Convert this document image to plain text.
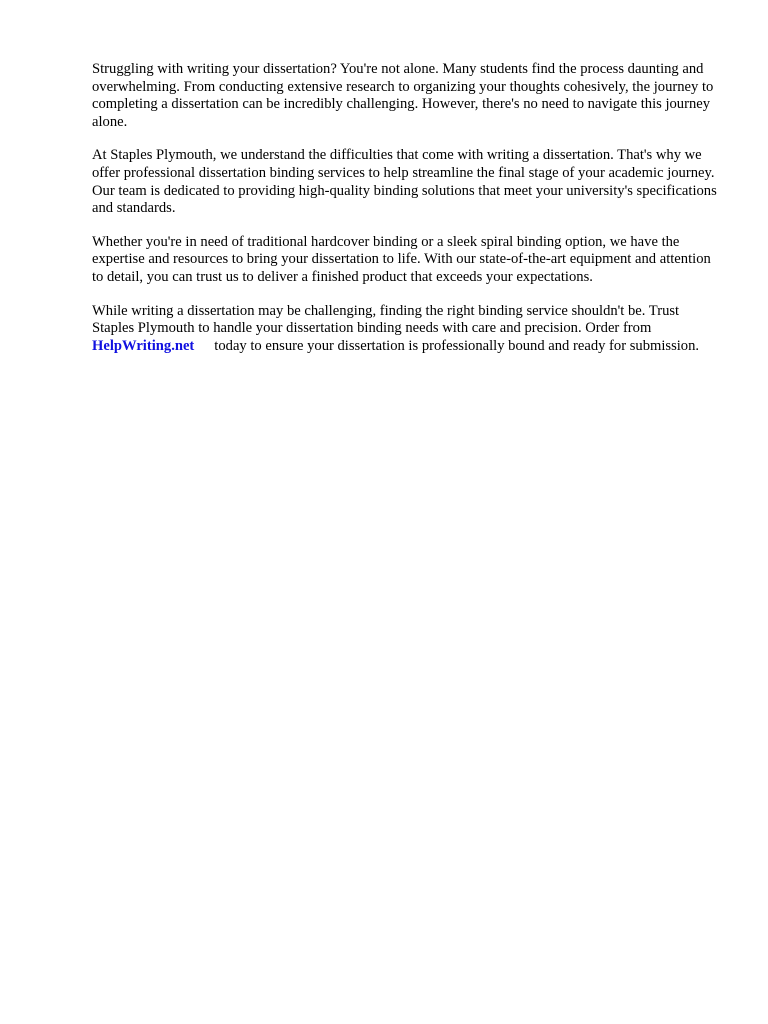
Struggling with writing your dissertation? You're not alone. Many students find the process daunting and overwhelming. From conducting extensive research to organizing your thoughts cohesively, the journey to completing a dissertation can be incredibly challenging. However, there's no need to navigate this journey alone.

At Staples Plymouth, we understand the difficulties that come with writing a dissertation. That's why we offer professional dissertation binding services to help streamline the final stage of your academic journey. Our team is dedicated to providing high-quality binding solutions that meet your university's specifications and standards.

Whether you're in need of traditional hardcover binding or a sleek spiral binding option, we have the expertise and resources to bring your dissertation to life. With our state-of-the-art equipment and attention to detail, you can trust us to deliver a finished product that exceeds your expectations.

While writing a dissertation may be challenging, finding the right binding service shouldn't be. Trust Staples Plymouth to handle your dissertation binding needs with care and precision. Order from HelpWriting.net today to ensure your dissertation is professionally bound and ready for submission.
